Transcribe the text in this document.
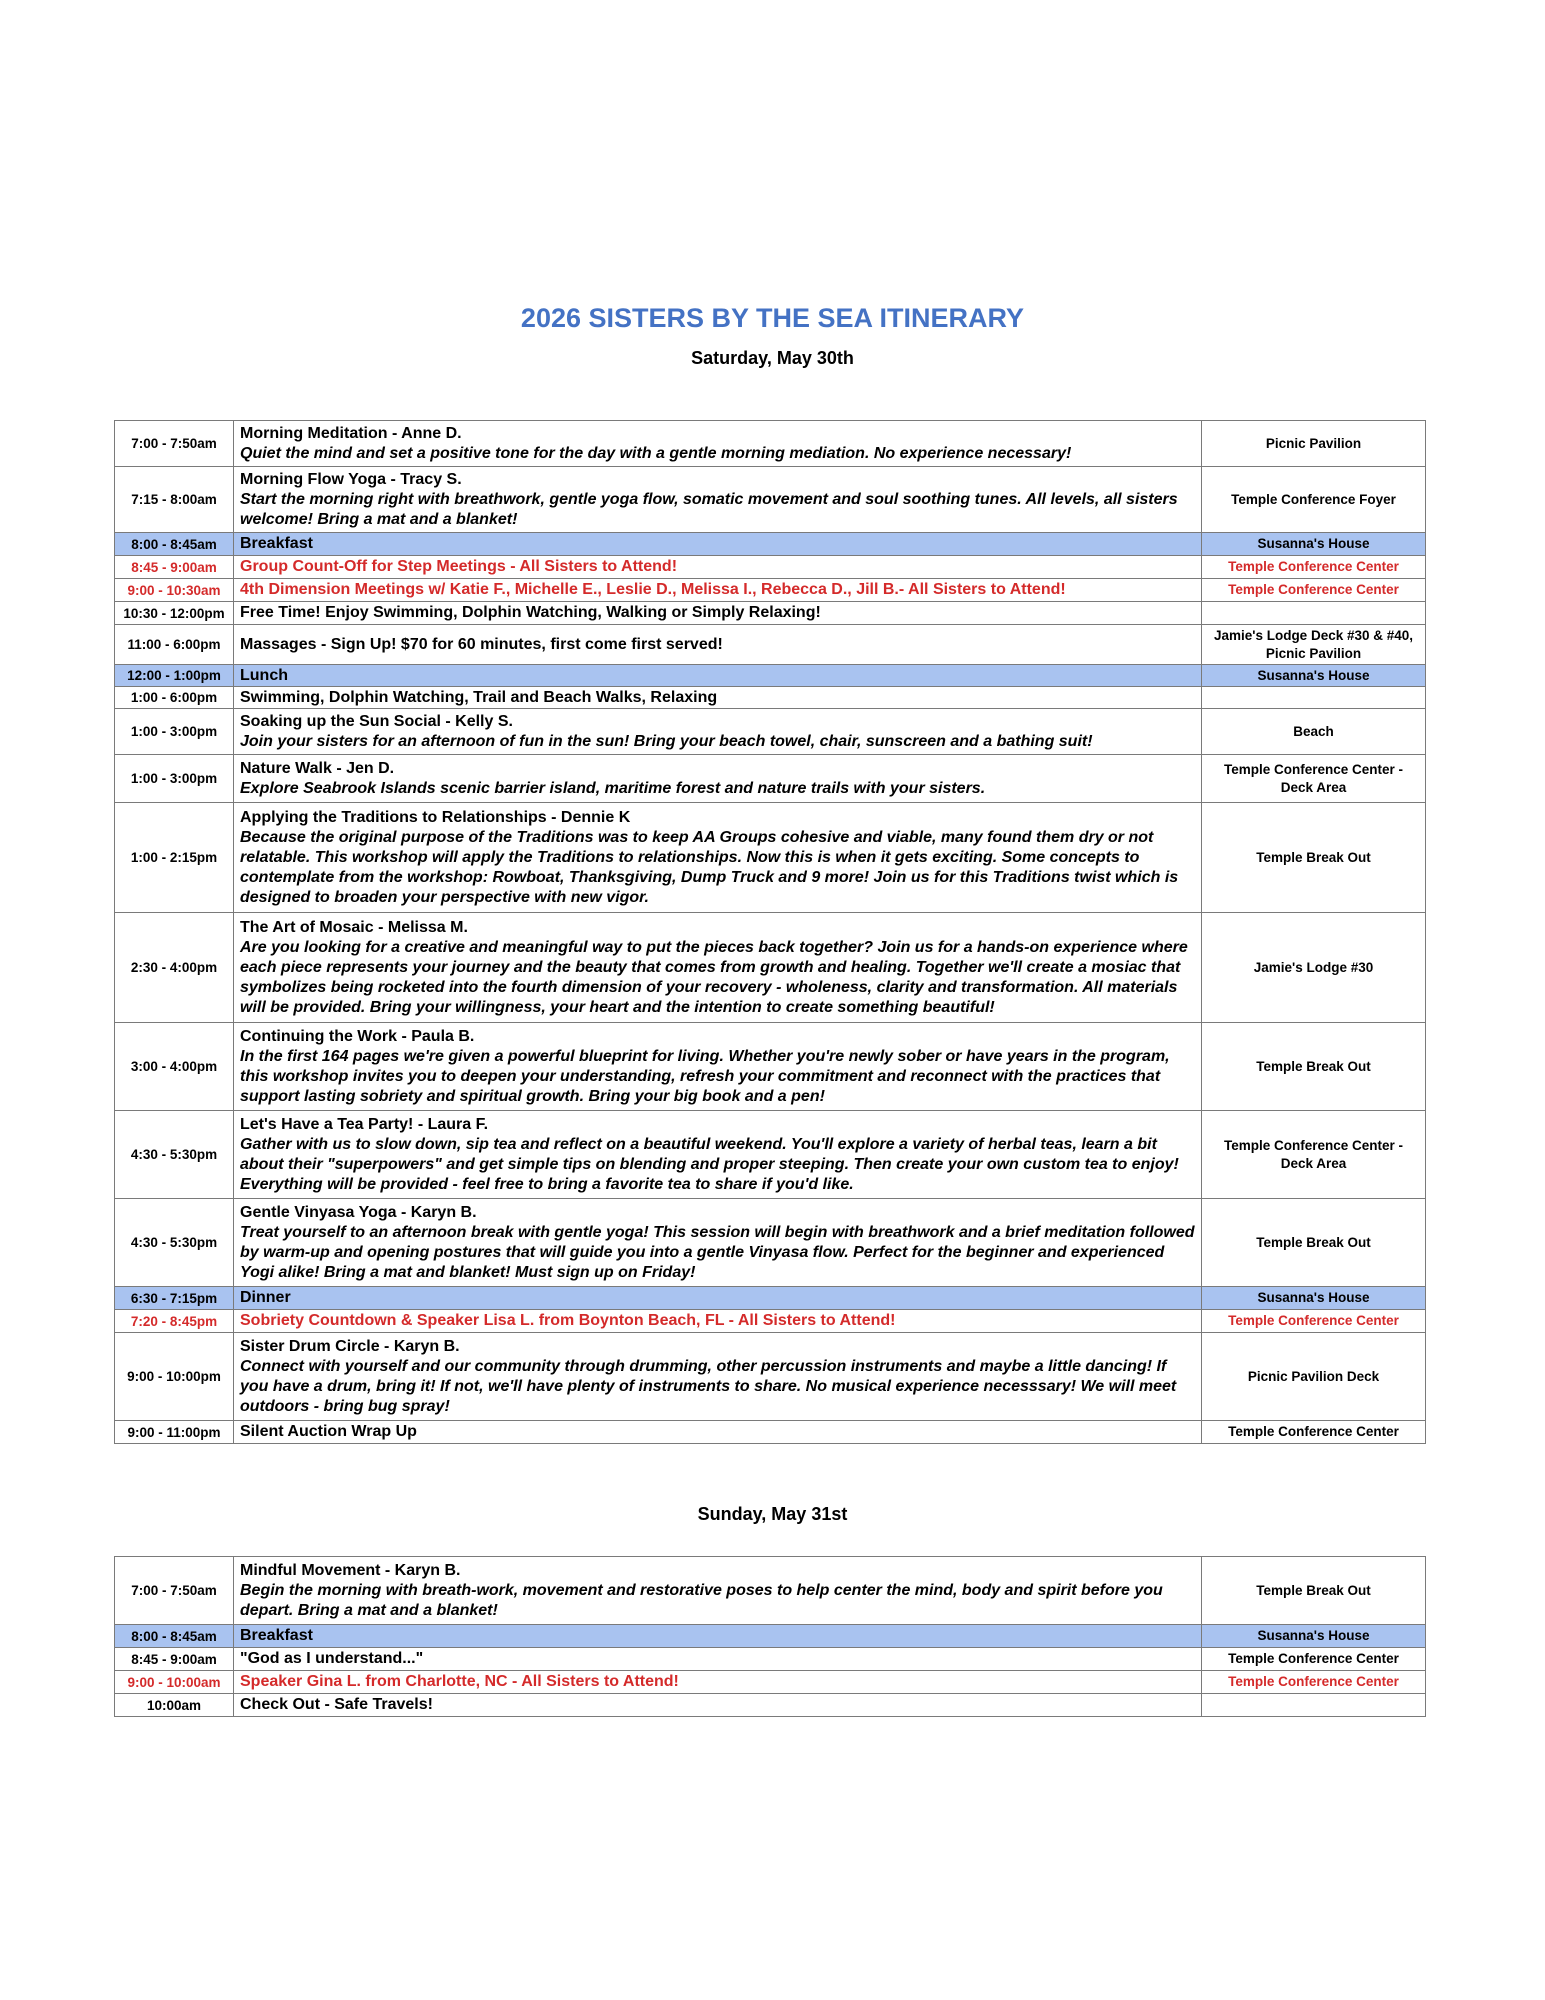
2026 SISTERS BY THE SEA ITINERARY
Saturday, May 30th
7:00 - 7:50am	Morning Meditation - Anne D.
Quiet the mind and set a positive tone for the day with a gentle morning mediation. No experience necessary!	Picnic Pavilion
7:15 - 8:00am	Morning Flow Yoga - Tracy S.
Start the morning right with breathwork, gentle yoga flow, somatic movement and soul soothing tunes. All levels, all sisters welcome! Bring a mat and a blanket!	Temple Conference Foyer
8:00 - 8:45am	Breakfast	Susanna's House
8:45 - 9:00am	Group Count-Off for Step Meetings - All Sisters to Attend!	Temple Conference Center
9:00 - 10:30am	4th Dimension Meetings w/ Katie F., Michelle E., Leslie D., Melissa I., Rebecca D., Jill B.- All Sisters to Attend!	Temple Conference Center
10:30 - 12:00pm	Free Time! Enjoy Swimming, Dolphin Watching, Walking or Simply Relaxing!	
11:00 - 6:00pm	Massages - Sign Up! $70 for 60 minutes, first come first served!	Jamie's Lodge Deck #30 & #40, Picnic Pavilion
12:00 - 1:00pm	Lunch	Susanna's House
1:00 - 6:00pm	Swimming, Dolphin Watching, Trail and Beach Walks, Relaxing	
1:00 - 3:00pm	Soaking up the Sun Social - Kelly S.
Join your sisters for an afternoon of fun in the sun! Bring your beach towel, chair, sunscreen and a bathing suit!	Beach
1:00 - 3:00pm	Nature Walk - Jen D.
Explore Seabrook Islands scenic barrier island, maritime forest and nature trails with your sisters.	Temple Conference Center - Deck Area
1:00 - 2:15pm	Applying the Traditions to Relationships - Dennie K
Because the original purpose of the Traditions was to keep AA Groups cohesive and viable, many found them dry or not relatable. This workshop will apply the Traditions to relationships. Now this is when it gets exciting. Some concepts to contemplate from the workshop: Rowboat, Thanksgiving, Dump Truck and 9 more! Join us for this Traditions twist which is designed to broaden your perspective with new vigor.	Temple Break Out
2:30 - 4:00pm	The Art of Mosaic - Melissa M.
Are you looking for a creative and meaningful way to put the pieces back together? Join us for a hands-on experience where each piece represents your journey and the beauty that comes from growth and healing. Together we'll create a mosiac that symbolizes being rocketed into the fourth dimension of your recovery - wholeness, clarity and transformation. All materials will be provided. Bring your willingness, your heart and the intention to create something beautiful!	Jamie's Lodge #30
3:00 - 4:00pm	Continuing the Work - Paula B.
In the first 164 pages we're given a powerful blueprint for living. Whether you're newly sober or have years in the program, this workshop invites you to deepen your understanding, refresh your commitment and reconnect with the practices that support lasting sobriety and spiritual growth. Bring your big book and a pen!	Temple Break Out
4:30 - 5:30pm	Let's Have a Tea Party! - Laura F.
Gather with us to slow down, sip tea and reflect on a beautiful weekend. You'll explore a variety of herbal teas, learn a bit about their "superpowers" and get simple tips on blending and proper steeping. Then create your own custom tea to enjoy! Everything will be provided - feel free to bring a favorite tea to share if you'd like.	Temple Conference Center - Deck Area
4:30 - 5:30pm	Gentle Vinyasa Yoga - Karyn B.
Treat yourself to an afternoon break with gentle yoga! This session will begin with breathwork and a brief meditation followed by warm-up and opening postures that will guide you into a gentle Vinyasa flow. Perfect for the beginner and experienced Yogi alike! Bring a mat and blanket! Must sign up on Friday!	Temple Break Out
6:30 - 7:15pm	Dinner	Susanna's House
7:20 - 8:45pm	Sobriety Countdown & Speaker Lisa L. from Boynton Beach, FL - All Sisters to Attend!	Temple Conference Center
9:00 - 10:00pm	Sister Drum Circle - Karyn B.
Connect with yourself and our community through drumming, other percussion instruments and maybe a little dancing! If you have a drum, bring it! If not, we'll have plenty of instruments to share. No musical experience necesssary! We will meet outdoors - bring bug spray!	Picnic Pavilion Deck
9:00 - 11:00pm	Silent Auction Wrap Up	Temple Conference Center
Sunday, May 31st
7:00 - 7:50am	Mindful Movement - Karyn B.
Begin the morning with breath-work, movement and restorative poses to help center the mind, body and spirit before you depart. Bring a mat and a blanket!	Temple Break Out
8:00 - 8:45am	Breakfast	Susanna's House
8:45 - 9:00am	"God as I understand..."	Temple Conference Center
9:00 - 10:00am	Speaker Gina L. from Charlotte, NC - All Sisters to Attend!	Temple Conference Center
10:00am	Check Out - Safe Travels!	
